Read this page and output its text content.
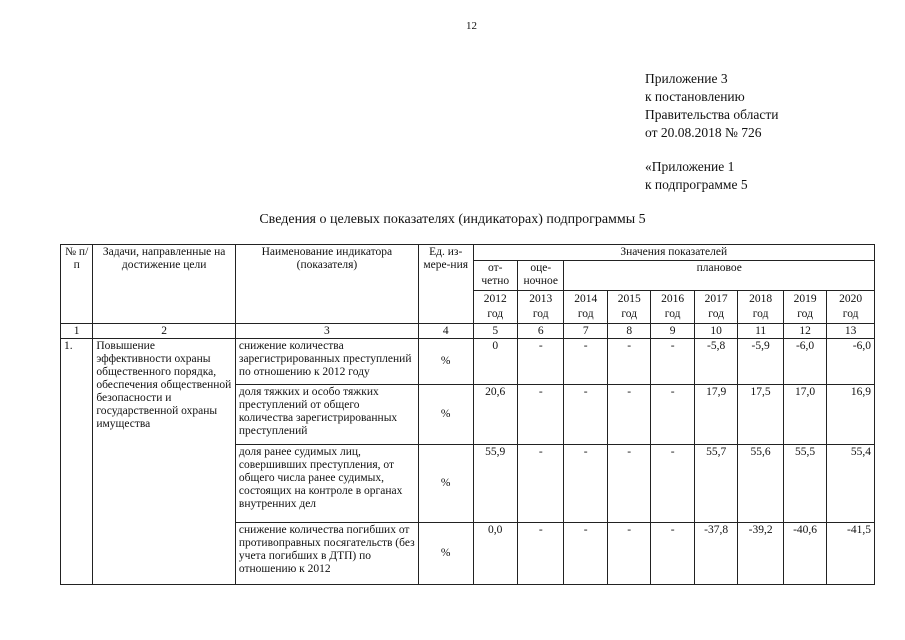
12
Приложение 3
к постановлению
Правительства области
от 20.08.2018 № 726
«Приложение 1
к подпрограмме 5
Сведения о целевых показателях (индикаторах) подпрограммы 5
№ п/п	Задачи, направленные на достижение цели	Наименование индикатора (показателя)	Ед. из-мере-ния	Значения показателей								
				от-четно	оце-ночное	плановое						
				2012 год	2013 год	2014 год	2015 год	2016 год	2017 год	2018 год	2019 год	2020 год
1	2	3	4	5	6	7	8	9	10	11	12	13
1.	Повышение эффективности охраны общественного порядка, обеспечения общественной безопасности и государственной охраны имущества	снижение количества зарегистрированных преступлений по отношению к 2012 году	%	0	-	-	-	-	-5,8	-5,9	-6,0	-6,0
		доля тяжких и особо тяжких преступлений от общего количества зарегистрированных преступлений	%	20,6	-	-	-	-	17,9	17,5	17,0	16,9
		доля ранее судимых лиц, совершивших преступления, от общего числа ранее судимых, состоящих на контроле в органах внутренних дел	%	55,9	-	-	-	-	55,7	55,6	55,5	55,4
		снижение количества погибших от противоправных посягательств (без учета погибших в ДТП) по отношению к 2012	%	0,0	-	-	-	-	-37,8	-39,2	-40,6	-41,5
